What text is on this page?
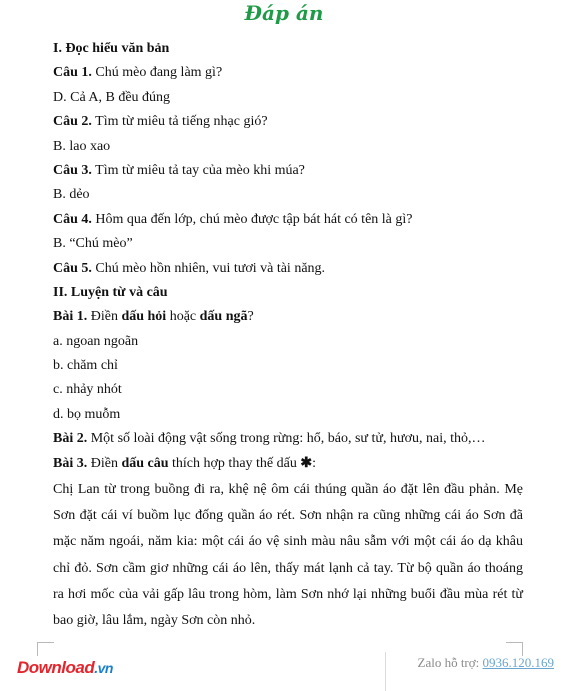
Đáp án
I. Đọc hiểu văn bản
Câu 1. Chú mèo đang làm gì?
D. Cả A, B đều đúng
Câu 2. Tìm từ miêu tả tiếng nhạc gió?
B. lao xao
Câu 3. Tìm từ miêu tả tay của mèo khi múa?
B. dẻo
Câu 4. Hôm qua đến lớp, chú mèo được tập bát hát có tên là gì?
B. “Chú mèo”
Câu 5. Chú mèo hồn nhiên, vui tươi và tài năng.
II. Luyện từ và câu
Bài 1. Điền dấu hỏi hoặc dấu ngã?
a. ngoan ngoãn
b. chăm chỉ
c. nhảy nhót
d. bọ muỗm
Bài 2. Một số loài động vật sống trong rừng: hổ, báo, sư tử, hươu, nai, thỏ,…
Bài 3. Điền dấu câu thích hợp thay thế dấu ✱:
Chị Lan từ trong buồng đi ra, khệ nệ ôm cái thúng quần áo đặt lên đầu phản. Mẹ Sơn đặt cái ví buồm lục đống quần áo rét. Sơn nhận ra cũng những cái áo Sơn đã mặc năm ngoái, năm kia: một cái áo vệ sinh màu nâu sẫm với một cái áo dạ khâu chỉ đỏ. Sơn cầm giơ những cái áo lên, thấy mát lạnh cả tay. Từ bộ quần áo thoáng ra hơi mốc của vải gấp lâu trong hòm, làm Sơn nhớ lại những buổi đầu mùa rét từ bao giờ, lâu lắm, ngày Sơn còn nhỏ.
Download.vn	Zalo hỗ trợ: 0936.120.169
